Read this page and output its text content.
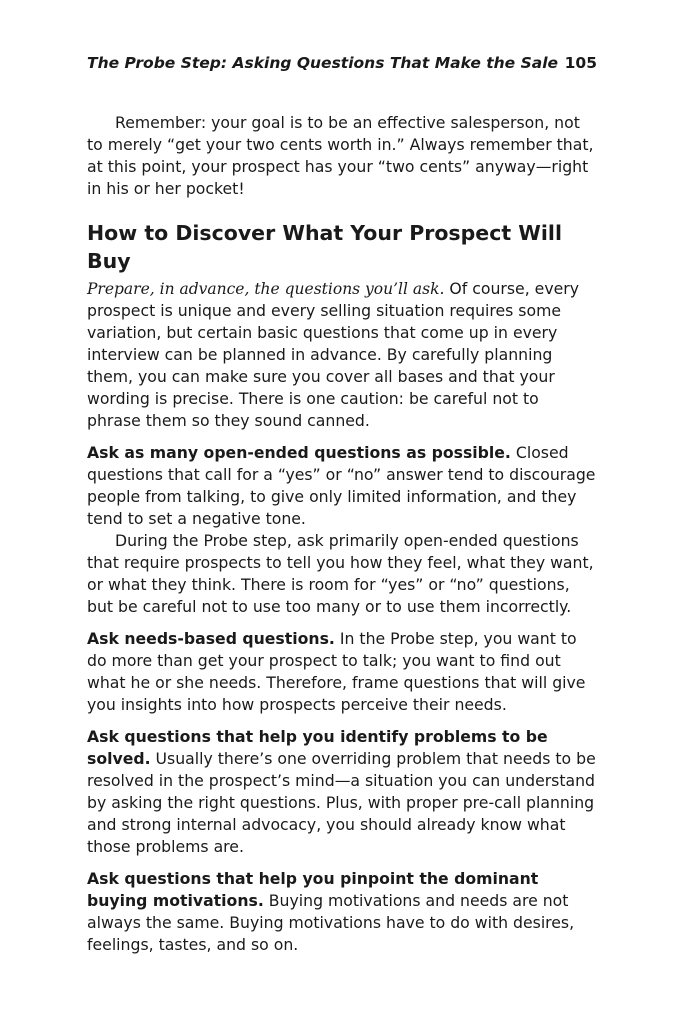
The Probe Step: Asking Questions That Make the Sale 105

Remember: your goal is to be an effective salesperson, not to merely “get your two cents worth in.” Always remember that, at this point, your prospect has your “two cents” anyway—right in his or her pocket!

How to Discover What Your Prospect Will Buy

Prepare, in advance, the questions you’ll ask. Of course, every prospect is unique and every selling situation requires some variation, but certain basic questions that come up in every interview can be planned in advance. By carefully planning them, you can make sure you cover all bases and that your wording is precise. There is one caution: be careful not to phrase them so they sound canned.

Ask as many open-ended questions as possible. Closed questions that call for a “yes” or “no” answer tend to discourage people from talking, to give only limited information, and they tend to set a negative tone.

During the Probe step, ask primarily open-ended questions that require prospects to tell you how they feel, what they want, or what they think. There is room for “yes” or “no” questions, but be careful not to use too many or to use them incorrectly.

Ask needs-based questions. In the Probe step, you want to do more than get your prospect to talk; you want to find out what he or she needs. Therefore, frame questions that will give you insights into how prospects perceive their needs.

Ask questions that help you identify problems to be solved. Usually there’s one overriding problem that needs to be resolved in the prospect’s mind—a situation you can understand by asking the right questions. Plus, with proper pre-call planning and strong internal advocacy, you should already know what those problems are.

Ask questions that help you pinpoint the dominant buying motivations. Buying motivations and needs are not always the same. Buying motivations have to do with desires, feelings, tastes, and so on.
